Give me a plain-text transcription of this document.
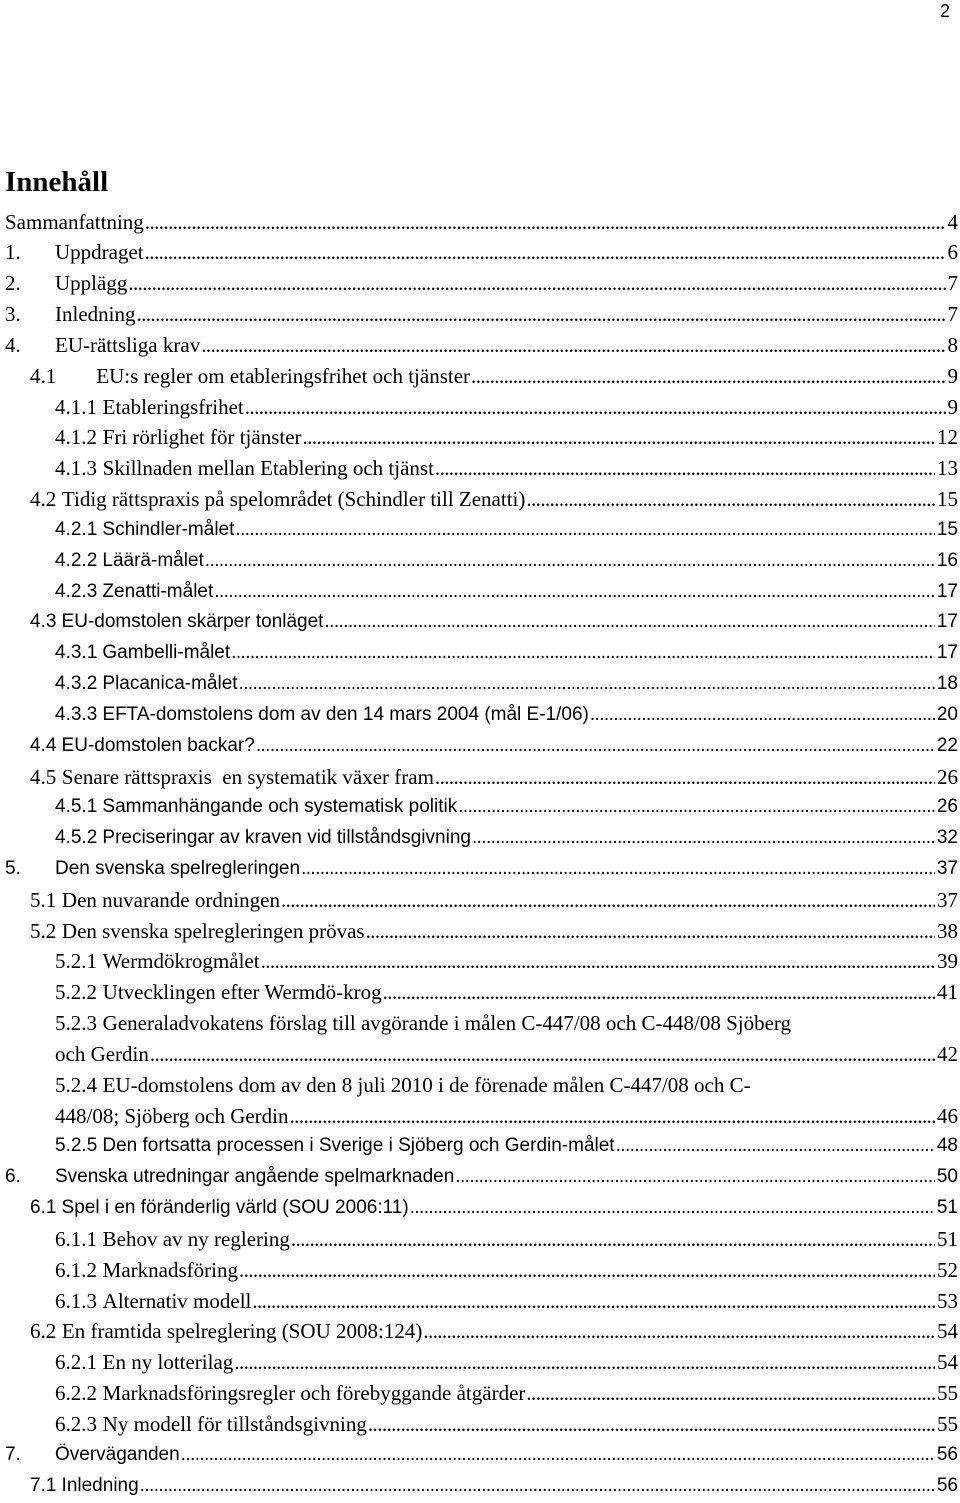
2
Innehåll
Sammanfattning .....	4
1.	Uppdraget .....	6
2.	Upplägg .....	7
3.	Inledning .....	7
4.	EU-rättsliga krav .....	8
4.1 EU:s regler om etableringsfrihet och tjänster .....	9
4.1.1 Etableringsfrihet .....	9
4.1.2 Fri rörlighet för tjänster .....	12
4.1.3 Skillnaden mellan Etablering och tjänst .....	13
4.2 Tidig rättspraxis på spelområdet (Schindler till Zenatti) .....	15
4.2.1 Schindler-målet .....	15
4.2.2 Läärä-målet .....	16
4.2.3 Zenatti-målet .....	17
4.3 EU-domstolen skärper tonläget .....	17
4.3.1 Gambelli-målet .....	17
4.3.2 Placanica-målet .....	18
4.3.3 EFTA-domstolens dom av den 14 mars 2004 (mål E-1/06) .....	20
4.4 EU-domstolen backar? .....	22
4.5 Senare rättspraxis  en systematik växer fram .....	26
4.5.1 Sammanhängande och systematisk politik .....	26
4.5.2 Preciseringar av kraven vid tillståndsgivning .....	32
5.	Den svenska spelregleringen .....	37
5.1 Den nuvarande ordningen .....	37
5.2 Den svenska spelregleringen prövas .....	38
5.2.1 Wermdökrogmålet .....	39
5.2.2 Utvecklingen efter Wermdö-krog .....	41
5.2.3 Generaladvokatens förslag till avgörande i målen C-447/08 och C-448/08 Sjöberg
och Gerdin .....	42
5.2.4 EU-domstolens dom av den 8 juli 2010 i de förenade målen C-447/08 och C-
448/08; Sjöberg och Gerdin .....	46
5.2.5 Den fortsatta processen i Sverige i Sjöberg och Gerdin-målet .....	48
6.	Svenska utredningar angående spelmarknaden .....	50
6.1 Spel i en föränderlig värld (SOU 2006:11) .....	51
6.1.1 Behov av ny reglering .....	51
6.1.2 Marknadsföring .....	52
6.1.3 Alternativ modell .....	53
6.2 En framtida spelreglering (SOU 2008:124) .....	54
6.2.1 En ny lotterilag .....	54
6.2.2 Marknadsföringsregler och förebyggande åtgärder .....	55
6.2.3 Ny modell för tillståndsgivning .....	55
7.	Överväganden .....	56
7.1 Inledning .....	56
